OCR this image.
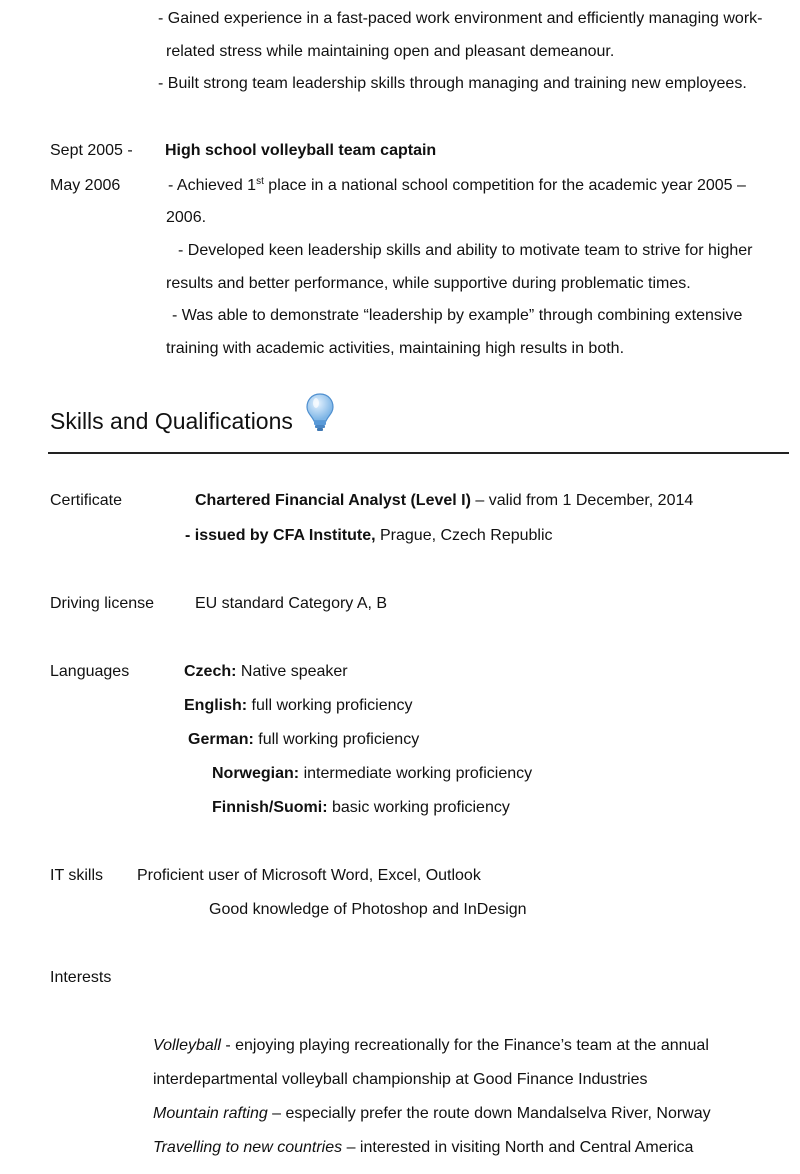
- Gained experience in a fast-paced work environment and efficiently managing work-
related stress while maintaining open and pleasant demeanour.
- Built strong team leadership skills through managing and training new employees.
Sept 2005 - High school volleyball team captain
May 2006	- Achieved 1st place in a national school competition for the academic year 2005 –
2006.
- Developed keen leadership skills and ability to motivate team to strive for higher
results and better performance, while supportive during problematic times.
- Was able to demonstrate “leadership by example” through combining extensive
training with academic activities, maintaining high results in both.
Skills and Qualifications
Certificate	Chartered Financial Analyst (Level I) – valid from 1 December, 2014
- issued by CFA Institute, Prague, Czech Republic
Driving license	EU standard Category A, B
Languages	Czech: Native speaker
English: full working proficiency
German: full working proficiency
Norwegian: intermediate working proficiency
Finnish/Suomi: basic working proficiency
IT skills Proficient user of Microsoft Word, Excel, Outlook
Good knowledge of Photoshop and InDesign
Interests
Volleyball - enjoying playing recreationally for the Finance’s team at the annual
interdepartmental volleyball championship at Good Finance Industries
Mountain rafting – especially prefer the route down Mandalselva River, Norway
Travelling to new countries – interested in visiting North and Central America
